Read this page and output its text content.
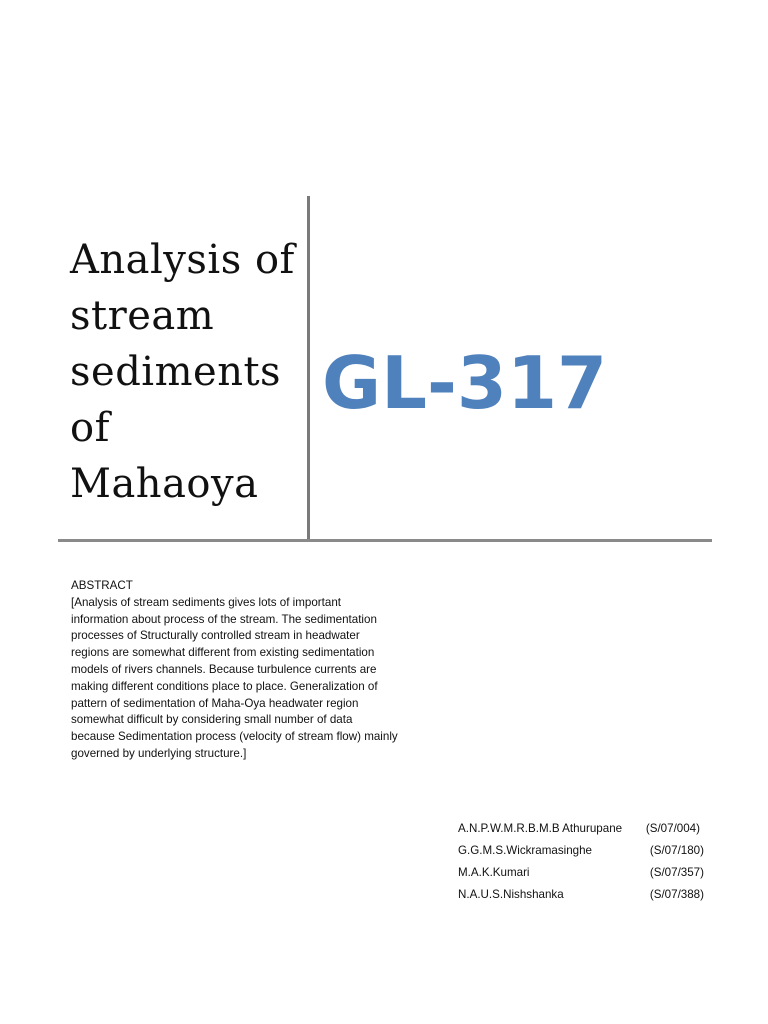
Analysis of
stream
sediments
of
Mahaoya
GL-317
ABSTRACT
[Analysis of stream sediments gives lots of important
information about process of the stream. The sedimentation
processes of Structurally controlled stream in headwater
regions are somewhat different from existing sedimentation
models of rivers channels. Because turbulence currents are
making different conditions place to place. Generalization of
pattern of sedimentation of Maha-Oya headwater region
somewhat difficult by considering small number of data
because Sedimentation process (velocity of stream flow) mainly
governed by underlying structure.]
A.N.P.W.M.R.B.M.B Athurupane (S/07/004)
G.G.M.S.Wickramasinghe	(S/07/180)
M.A.K.Kumari	(S/07/357)
N.A.U.S.Nishshanka	(S/07/388)
